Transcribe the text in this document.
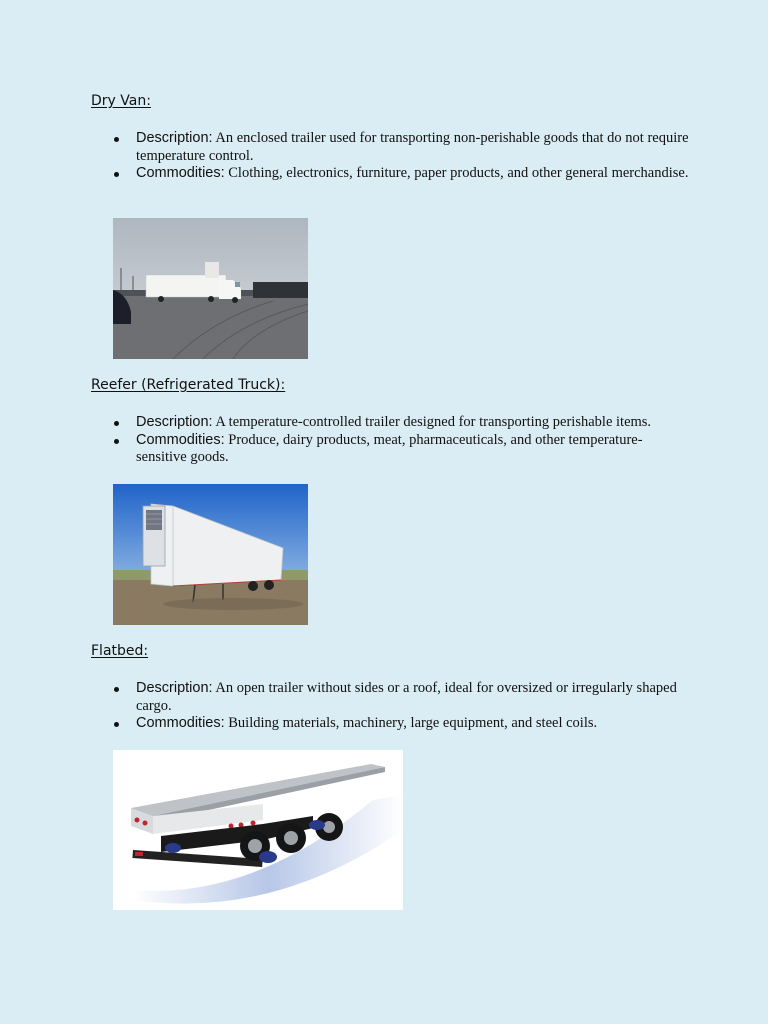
Dry Van:
Description: An enclosed trailer used for transporting non-perishable goods that do not require temperature control.
Commodities: Clothing, electronics, furniture, paper products, and other general merchandise.
Reefer (Refrigerated Truck):
Description: A temperature-controlled trailer designed for transporting perishable items.
Commodities: Produce, dairy products, meat, pharmaceuticals, and other temperature-sensitive goods.
Flatbed:
Description: An open trailer without sides or a roof, ideal for oversized or irregularly shaped cargo.
Commodities: Building materials, machinery, large equipment, and steel coils.
